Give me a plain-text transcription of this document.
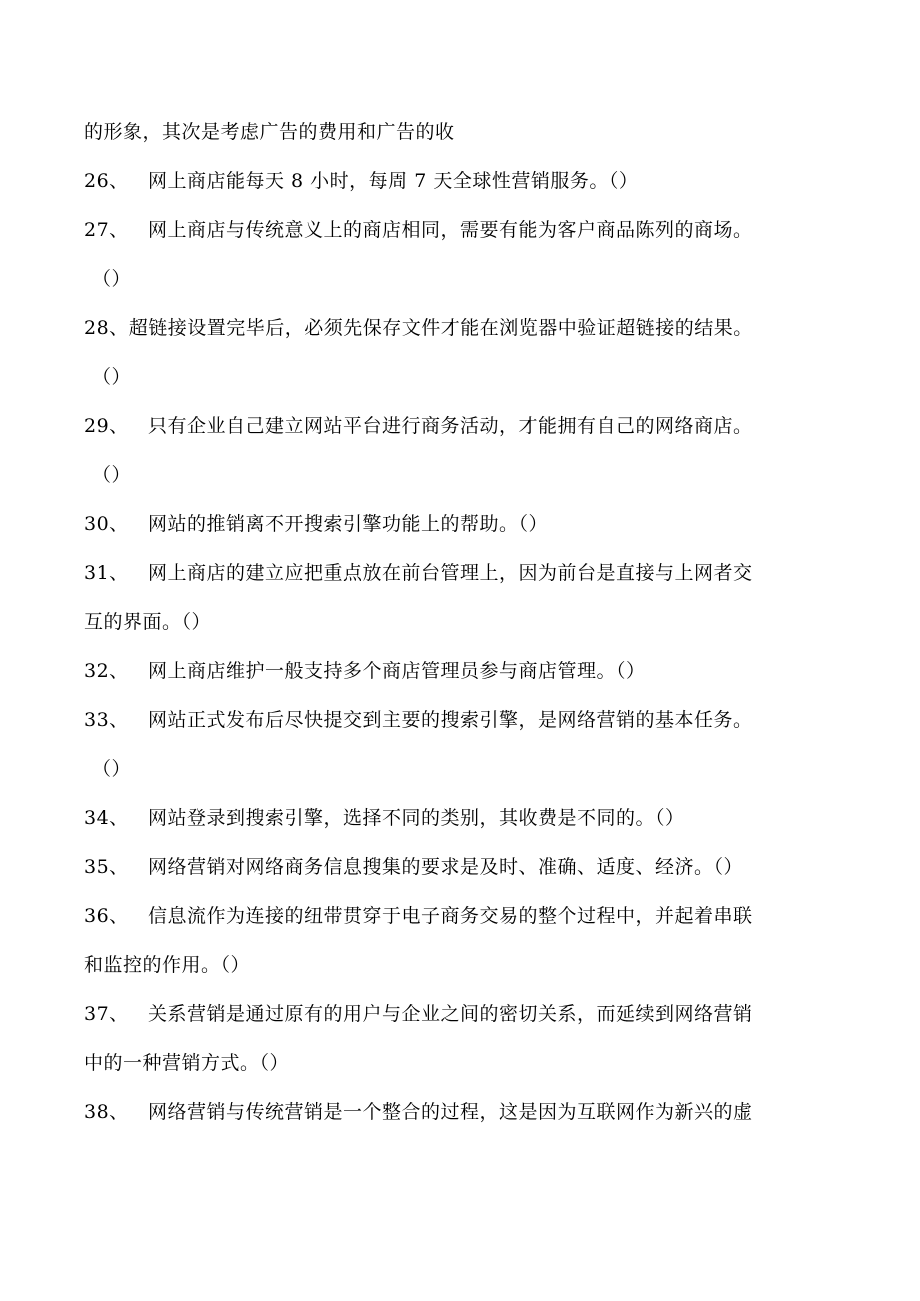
的形象，其次是考虑广告的费用和广告的收
26、 网上商店能每天 8 小时，每周 7 天全球性营销服务。（）
27、 网上商店与传统意义上的商店相同，需要有能为客户商品陈列的商场。
（）
28、超链接设置完毕后，必须先保存文件才能在浏览器中验证超链接的结果。
（）
29、 只有企业自己建立网站平台进行商务活动，才能拥有自己的网络商店。
（）
30、 网站的推销离不开搜索引擎功能上的帮助。（）
31、 网上商店的建立应把重点放在前台管理上，因为前台是直接与上网者交
互的界面。（）
32、 网上商店维护一般支持多个商店管理员参与商店管理。（）
33、 网站正式发布后尽快提交到主要的搜索引擎，是网络营销的基本任务。
（）
34、 网站登录到搜索引擎，选择不同的类别，其收费是不同的。（）
35、 网络营销对网络商务信息搜集的要求是及时、准确、适度、经济。（）
36、 信息流作为连接的纽带贯穿于电子商务交易的整个过程中，并起着串联
和监控的作用。（）
37、 关系营销是通过原有的用户与企业之间的密切关系，而延续到网络营销
中的一种营销方式。（）
38、 网络营销与传统营销是一个整合的过程，这是因为互联网作为新兴的虚
